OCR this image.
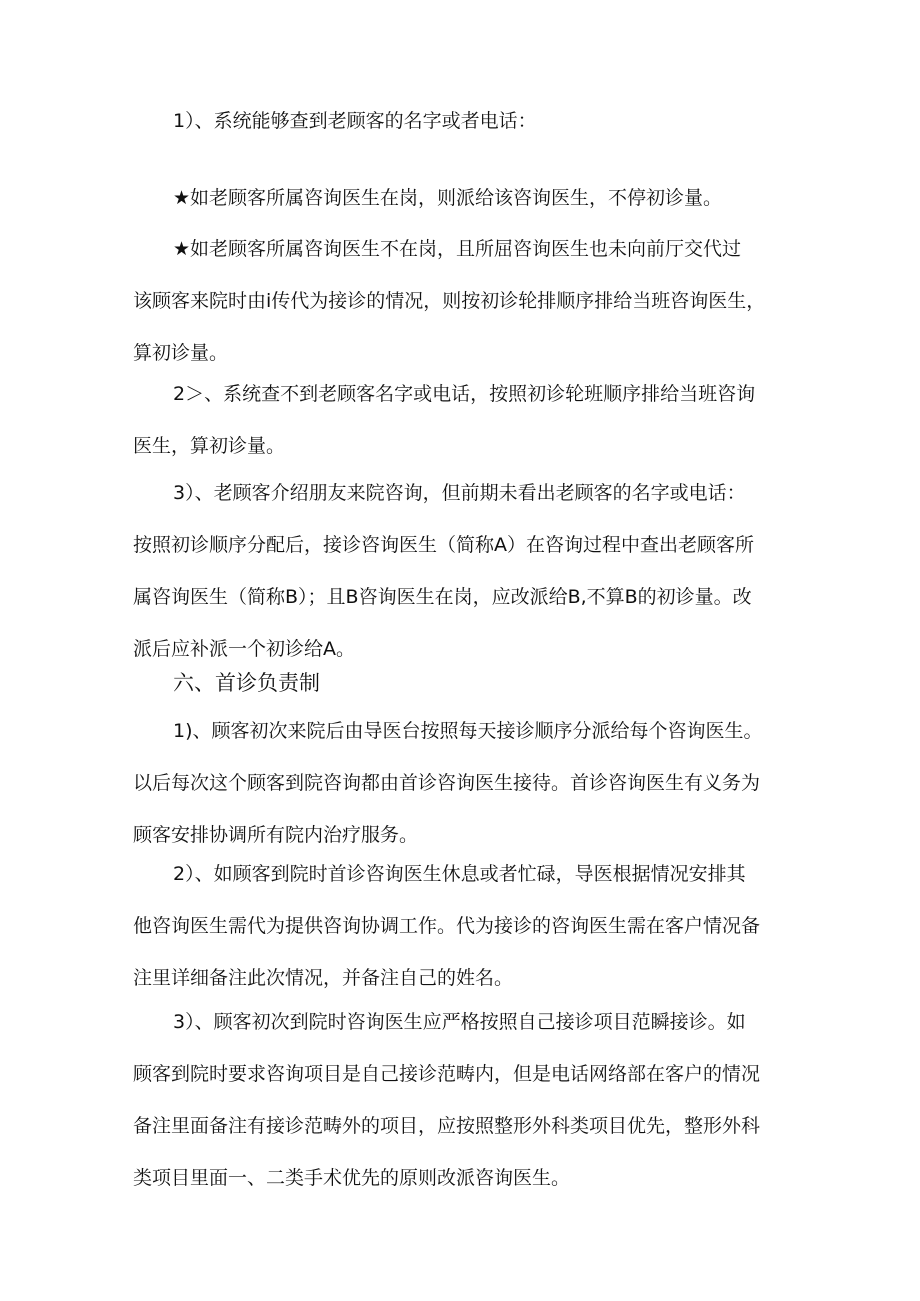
1）、系统能够查到老顾客的名字或者电话：
★如老顾客所属咨询医生在岗，则派给该咨询医生，不停初诊量。
★如老顾客所属咨询医生不在岗，且所屈咨询医生也未向前厅交代过
该顾客来院时由i传代为接诊的情况，则按初诊轮排顺序排给当班咨询医生，
算初诊量。
2＞、系统查不到老顾客名字或电话，按照初诊轮班顺序排给当班咨询
医生，算初诊量。
3）、老顾客介绍朋友来院咨询，但前期未看出老顾客的名字或电话：
按照初诊顺序分配后，接诊咨询医生（简称A）在咨询过程中查出老顾客所
属咨询医生（简称B）；且B咨询医生在岗，应改派给B,不算B的初诊量。改
派后应补派一个初诊给A。
六、首诊负责制
1)、顾客初次来院后由导医台按照每天接诊顺序分派给每个咨询医生。
以后每次这个顾客到院咨询都由首诊咨询医生接待。首诊咨询医生有义务为
顾客安排协调所有院内治疗服务。
2）、如顾客到院时首诊咨询医生休息或者忙碌，导医根据情况安排其
他咨询医生需代为提供咨询协调工作。代为接诊的咨询医生需在客户情况备
注里详细备注此次情况，并备注自己的姓名。
3）、顾客初次到院时咨询医生应严格按照自己接诊项目范瞬接诊。如
顾客到院时要求咨询项目是自己接诊范畴内，但是电话网络部在客户的情况
备注里面备注有接诊范畴外的项目，应按照整形外科类项目优先，整形外科
类项目里面一、二类手术优先的原则改派咨询医生。
